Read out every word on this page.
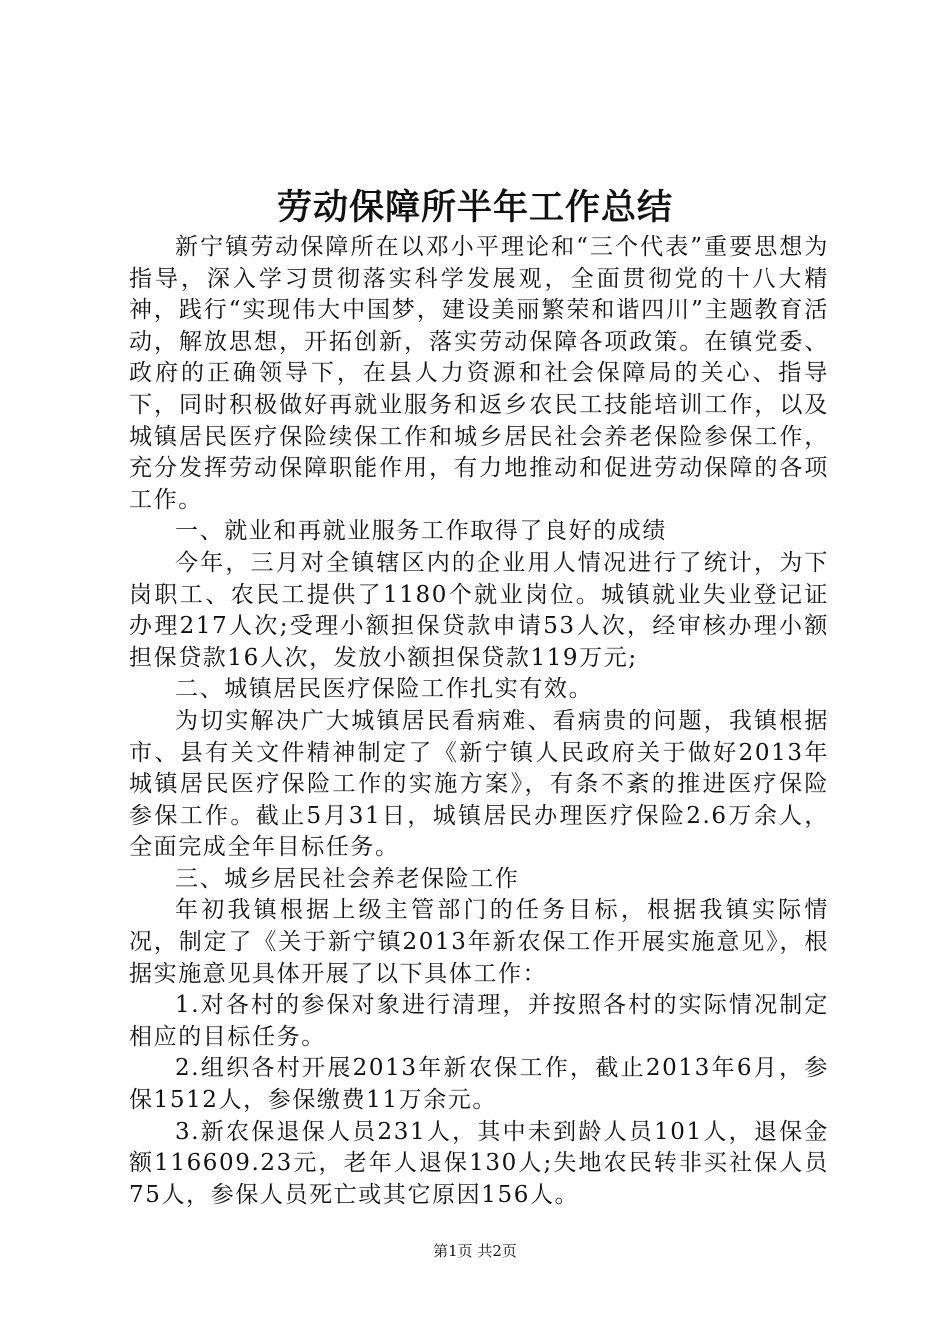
劳动保障所半年工作总结

新宁镇劳动保障所在以邓小平理论和“三个代表”重要思想为指导，深入学习贯彻落实科学发展观，全面贯彻党的十八大精神，践行“实现伟大中国梦，建设美丽繁荣和谐四川”主题教育活动，解放思想，开拓创新，落实劳动保障各项政策。在镇党委、政府的正确领导下，在县人力资源和社会保障局的关心、指导下，同时积极做好再就业服务和返乡农民工技能培训工作，以及城镇居民医疗保险续保工作和城乡居民社会养老保险参保工作，充分发挥劳动保障职能作用，有力地推动和促进劳动保障的各项工作。

一、就业和再就业服务工作取得了良好的成绩

今年，三月对全镇辖区内的企业用人情况进行了统计，为下岗职工、农民工提供了1180个就业岗位。城镇就业失业登记证办理217人次;受理小额担保贷款申请53人次，经审核办理小额担保贷款16人次，发放小额担保贷款119万元;

二、城镇居民医疗保险工作扎实有效。

为切实解决广大城镇居民看病难、看病贵的问题，我镇根据市、县有关文件精神制定了《新宁镇人民政府关于做好2013年城镇居民医疗保险工作的实施方案》，有条不紊的推进医疗保险参保工作。截止5月31日，城镇居民办理医疗保险2.6万余人，全面完成全年目标任务。

三、城乡居民社会养老保险工作

年初我镇根据上级主管部门的任务目标，根据我镇实际情况，制定了《关于新宁镇2013年新农保工作开展实施意见》，根据实施意见具体开展了以下具体工作：

1.对各村的参保对象进行清理，并按照各村的实际情况制定相应的目标任务。

2.组织各村开展2013年新农保工作，截止2013年6月，参保1512人，参保缴费11万余元。

3.新农保退保人员231人，其中未到龄人员101人，退保金额116609.23元，老年人退保130人;失地农民转非买社保人员75人，参保人员死亡或其它原因156人。

第1页 共2页
